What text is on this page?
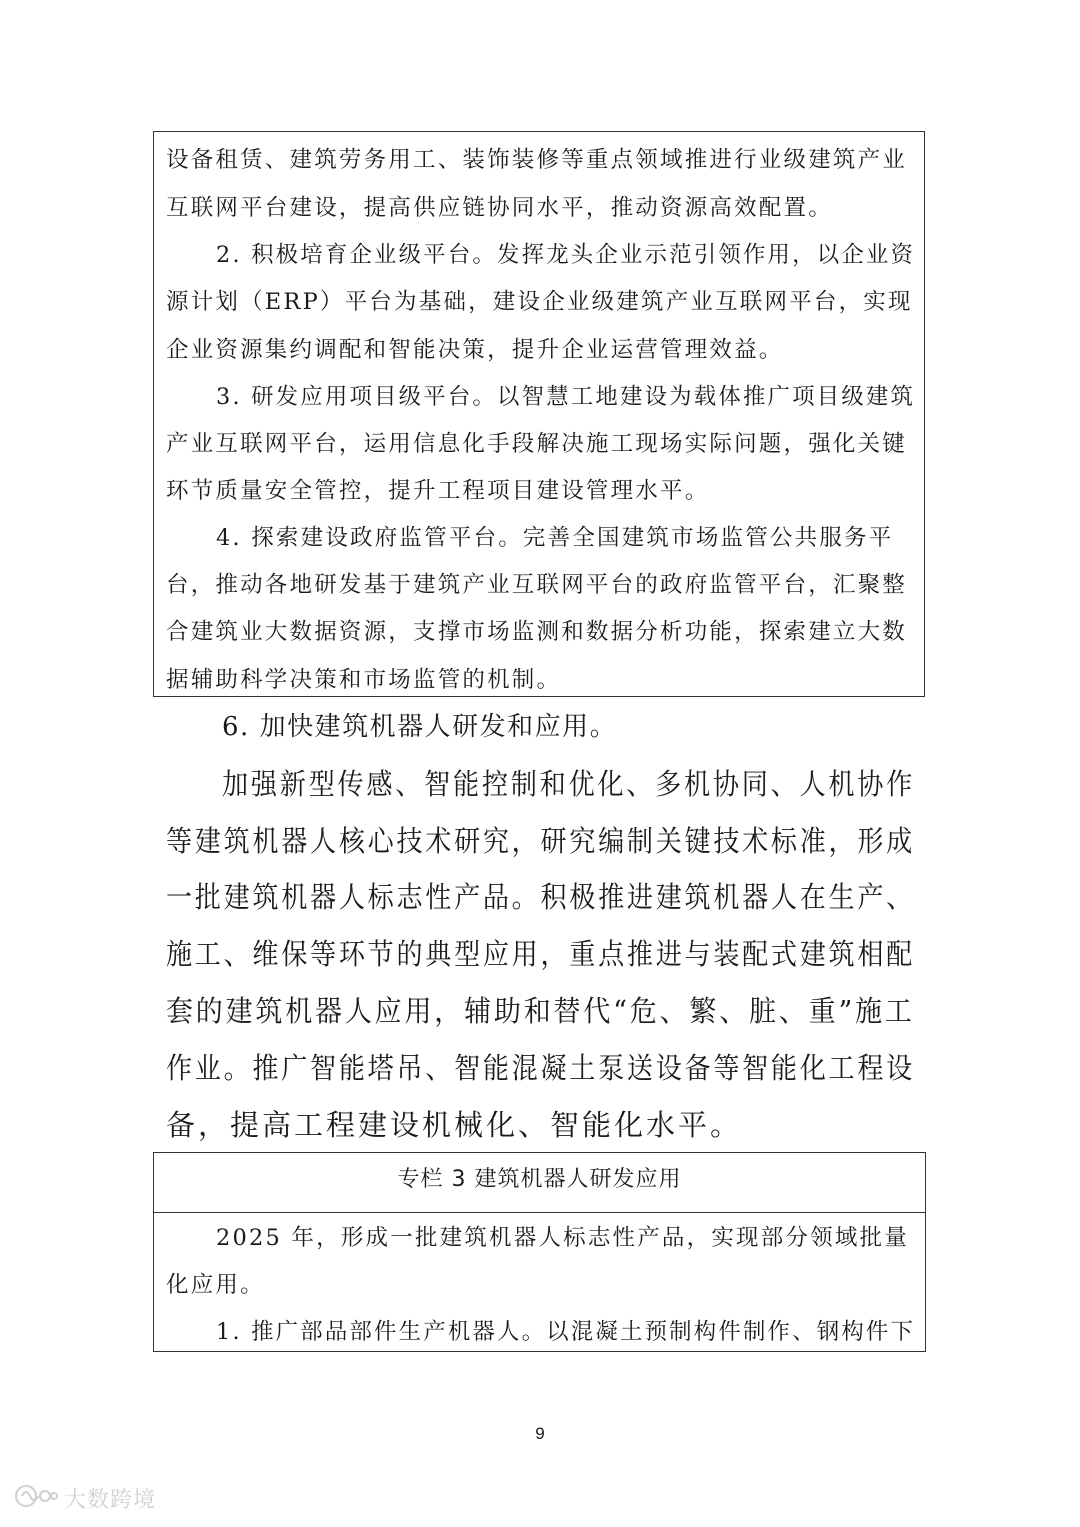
设备租赁、建筑劳务用工、装饰装修等重点领域推进行业级建筑产业
互联网平台建设，提高供应链协同水平，推动资源高效配置。
2. 积极培育企业级平台。发挥龙头企业示范引领作用，以企业资
源计划（ERP）平台为基础，建设企业级建筑产业互联网平台，实现
企业资源集约调配和智能决策，提升企业运营管理效益。
3. 研发应用项目级平台。以智慧工地建设为载体推广项目级建筑
产业互联网平台，运用信息化手段解决施工现场实际问题，强化关键
环节质量安全管控，提升工程项目建设管理水平。
4. 探索建设政府监管平台。完善全国建筑市场监管公共服务平
台，推动各地研发基于建筑产业互联网平台的政府监管平台，汇聚整
合建筑业大数据资源，支撑市场监测和数据分析功能，探索建立大数
据辅助科学决策和市场监管的机制。
6. 加快建筑机器人研发和应用。
加强新型传感、智能控制和优化、多机协同、人机协作
等建筑机器人核心技术研究，研究编制关键技术标准，形成
一批建筑机器人标志性产品。积极推进建筑机器人在生产、
施工、维保等环节的典型应用，重点推进与装配式建筑相配
套的建筑机器人应用，辅助和替代“危、繁、脏、重”施工
作业。推广智能塔吊、智能混凝土泵送设备等智能化工程设
备，提高工程建设机械化、智能化水平。
专栏 3 建筑机器人研发应用
2025 年，形成一批建筑机器人标志性产品，实现部分领域批量
化应用。
1. 推广部品部件生产机器人。以混凝土预制构件制作、钢构件下
9
大数跨境
